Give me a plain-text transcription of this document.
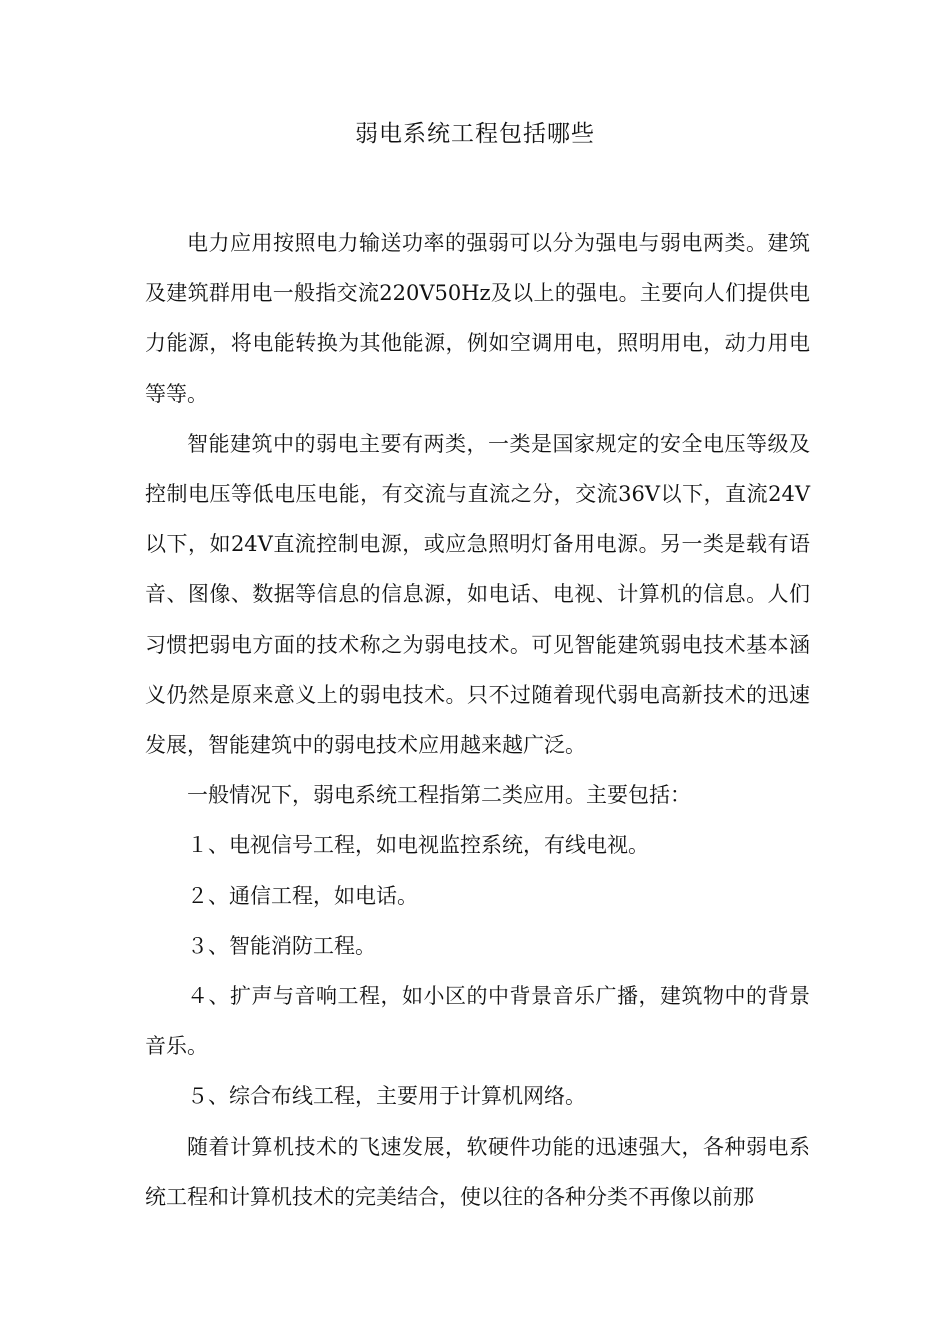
弱电系统工程包括哪些

电力应用按照电力输送功率的强弱可以分为强电与弱电两类。建筑及建筑群用电一般指交流220V50Hz及以上的强电。主要向人们提供电力能源，将电能转换为其他能源，例如空调用电，照明用电，动力用电等等。

智能建筑中的弱电主要有两类，一类是国家规定的安全电压等级及控制电压等低电压电能，有交流与直流之分，交流36V以下，直流24V以下，如24V直流控制电源，或应急照明灯备用电源。另一类是载有语音、图像、数据等信息的信息源，如电话、电视、计算机的信息。人们习惯把弱电方面的技术称之为弱电技术。可见智能建筑弱电技术基本涵义仍然是原来意义上的弱电技术。只不过随着现代弱电高新技术的迅速发展，智能建筑中的弱电技术应用越来越广泛。

一般情况下，弱电系统工程指第二类应用。主要包括：

１、电视信号工程，如电视监控系统，有线电视。

２、通信工程，如电话。

３、智能消防工程。

４、扩声与音响工程，如小区的中背景音乐广播，建筑物中的背景音乐。

５、综合布线工程，主要用于计算机网络。

随着计算机技术的飞速发展，软硬件功能的迅速强大，各种弱电系统工程和计算机技术的完美结合，使以往的各种分类不再像以前那
